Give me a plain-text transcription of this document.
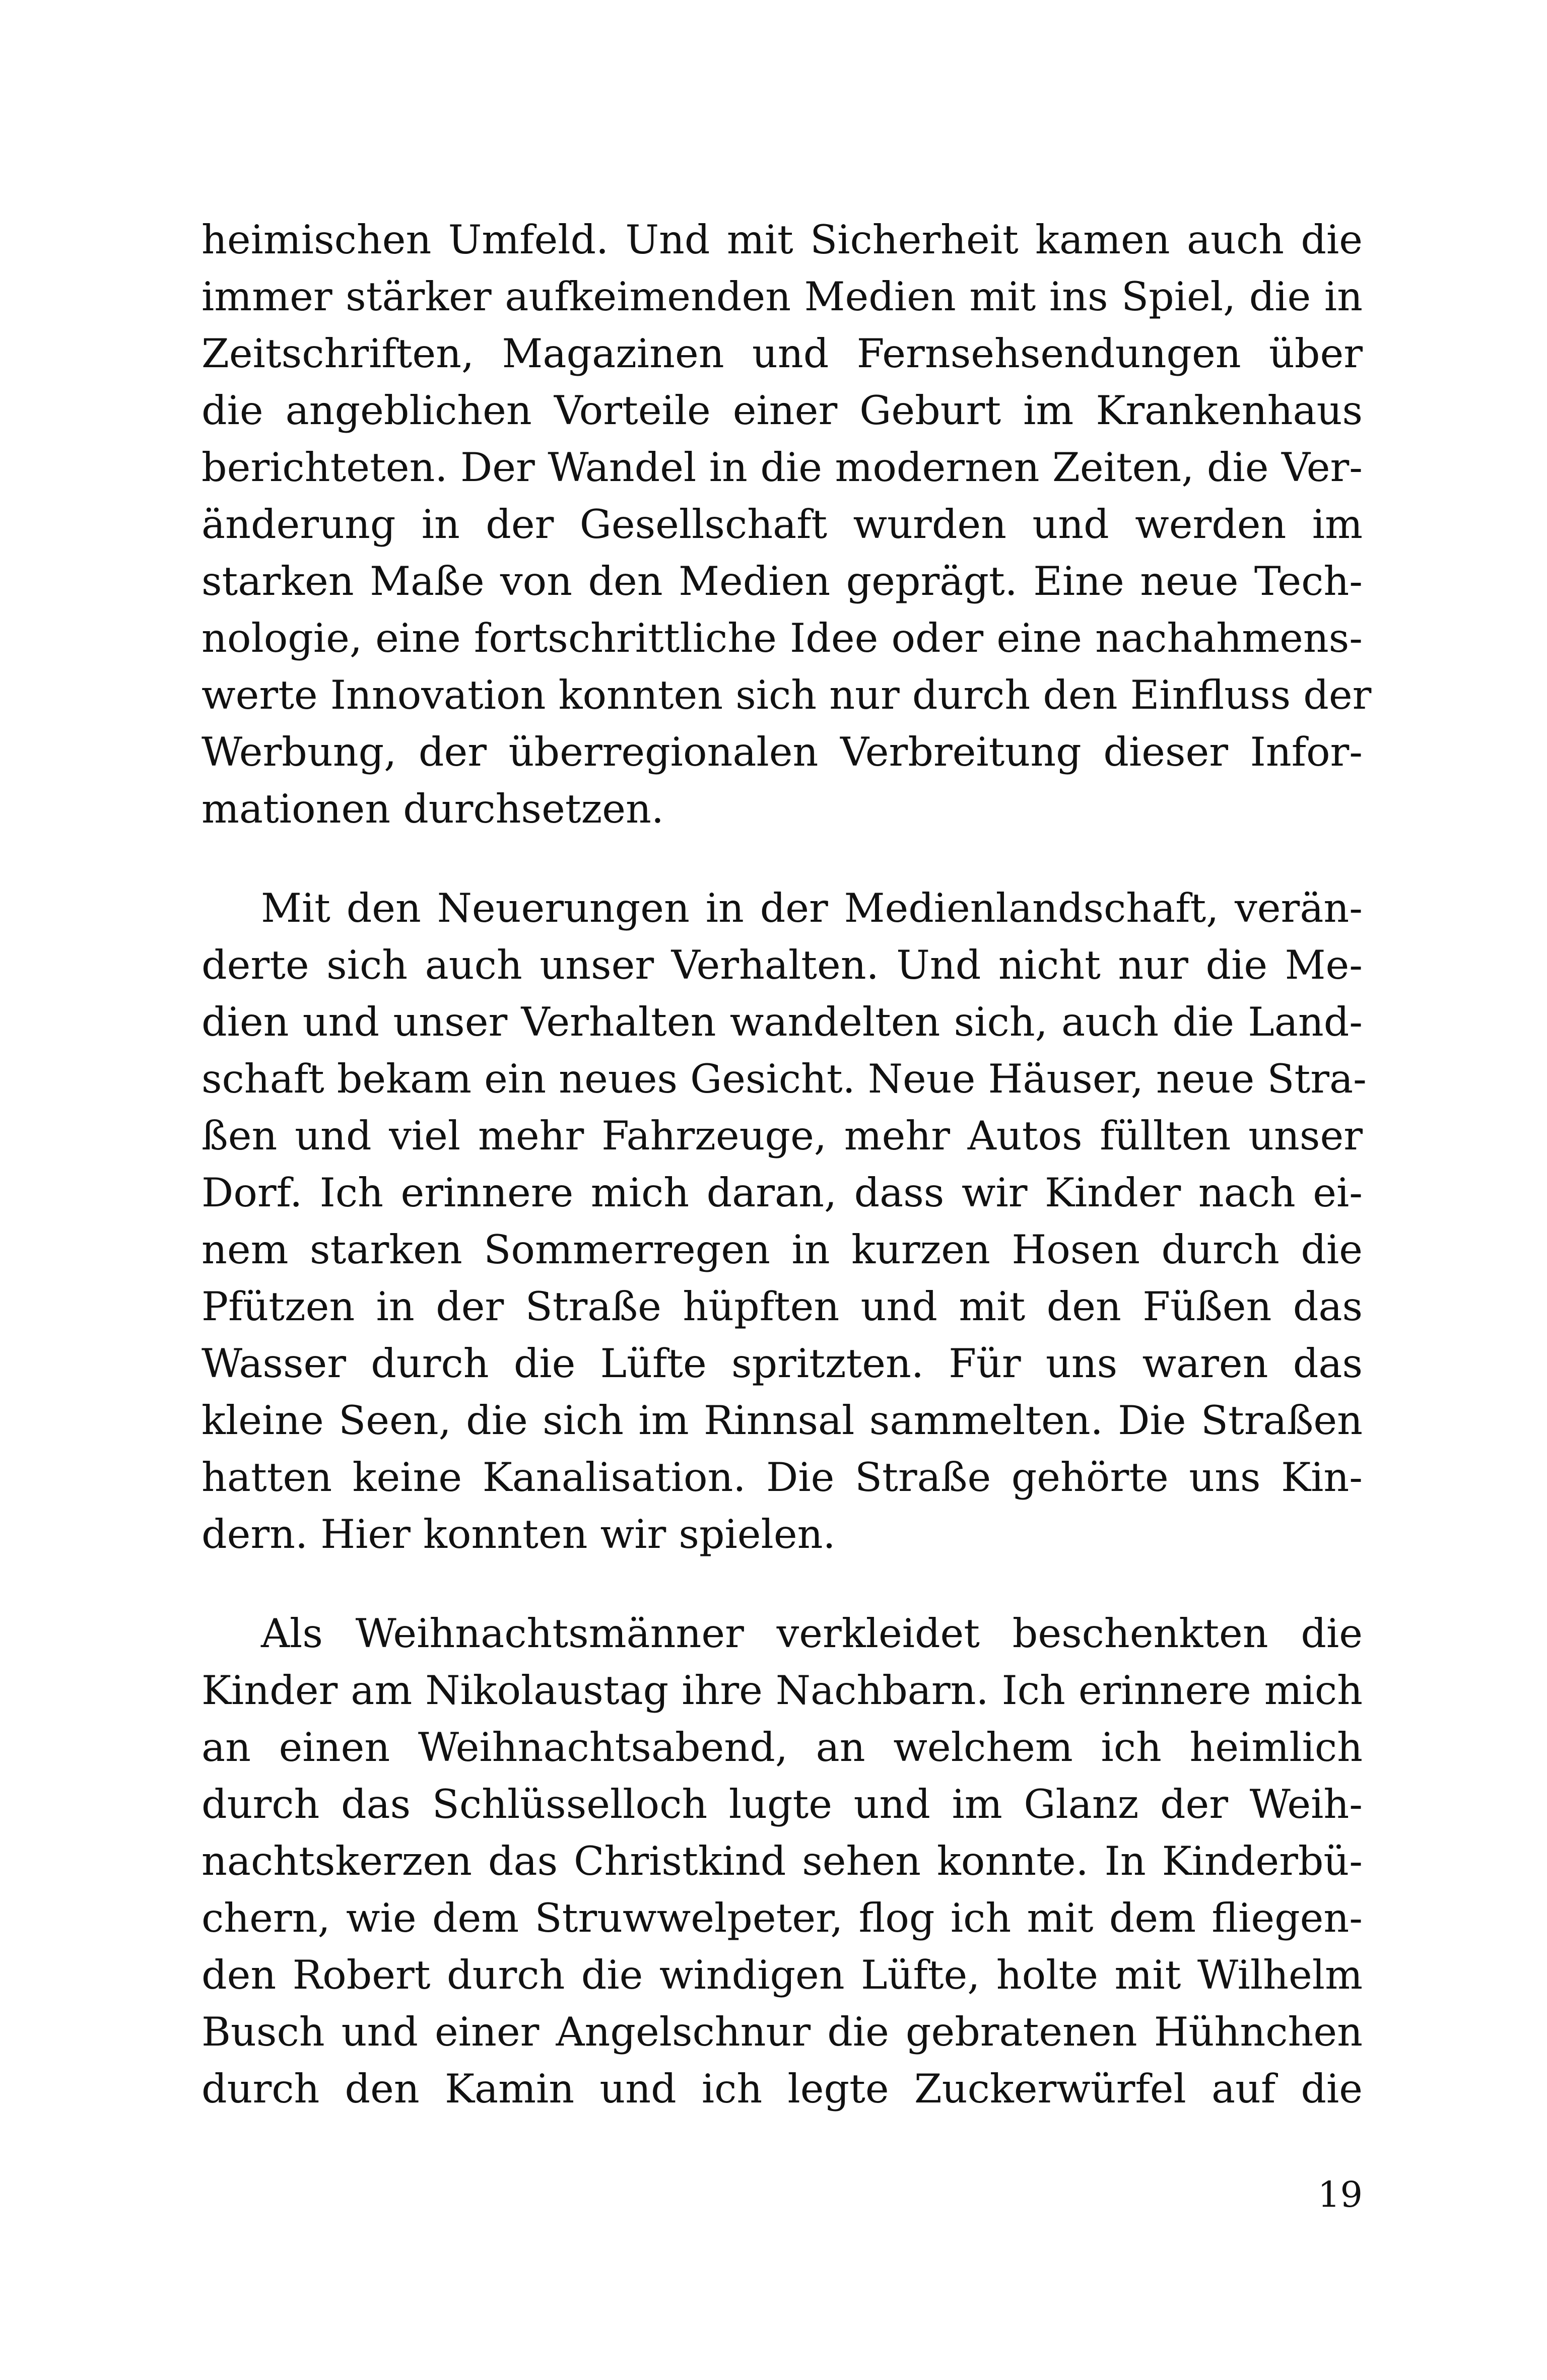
heimischen Umfeld. Und mit Sicherheit kamen auch die
immer stärker aufkeimenden Medien mit ins Spiel, die in
Zeitschriften, Magazinen und Fernsehsendungen über
die angeblichen Vorteile einer Geburt im Krankenhaus
berichteten. Der Wandel in die modernen Zeiten, die Ver-
änderung in der Gesellschaft wurden und werden im
starken Maße von den Medien geprägt. Eine neue Tech-
nologie, eine fortschrittliche Idee oder eine nachahmens-
werte Innovation konnten sich nur durch den Einfluss der
Werbung, der überregionalen Verbreitung dieser Infor-
mationen durchsetzen.

Mit den Neuerungen in der Medienlandschaft, verän-
derte sich auch unser Verhalten. Und nicht nur die Me-
dien und unser Verhalten wandelten sich, auch die Land-
schaft bekam ein neues Gesicht. Neue Häuser, neue Stra-
ßen und viel mehr Fahrzeuge, mehr Autos füllten unser
Dorf. Ich erinnere mich daran, dass wir Kinder nach ei-
nem starken Sommerregen in kurzen Hosen durch die
Pfützen in der Straße hüpften und mit den Füßen das
Wasser durch die Lüfte spritzten. Für uns waren das
kleine Seen, die sich im Rinnsal sammelten. Die Straßen
hatten keine Kanalisation. Die Straße gehörte uns Kin-
dern. Hier konnten wir spielen.

Als Weihnachtsmänner verkleidet beschenkten die
Kinder am Nikolaustag ihre Nachbarn. Ich erinnere mich
an einen Weihnachtsabend, an welchem ich heimlich
durch das Schlüsselloch lugte und im Glanz der Weih-
nachtskerzen das Christkind sehen konnte. In Kinderbü-
chern, wie dem Struwwelpeter, flog ich mit dem fliegen-
den Robert durch die windigen Lüfte, holte mit Wilhelm
Busch und einer Angelschnur die gebratenen Hühnchen
durch den Kamin und ich legte Zuckerwürfel auf die

19
